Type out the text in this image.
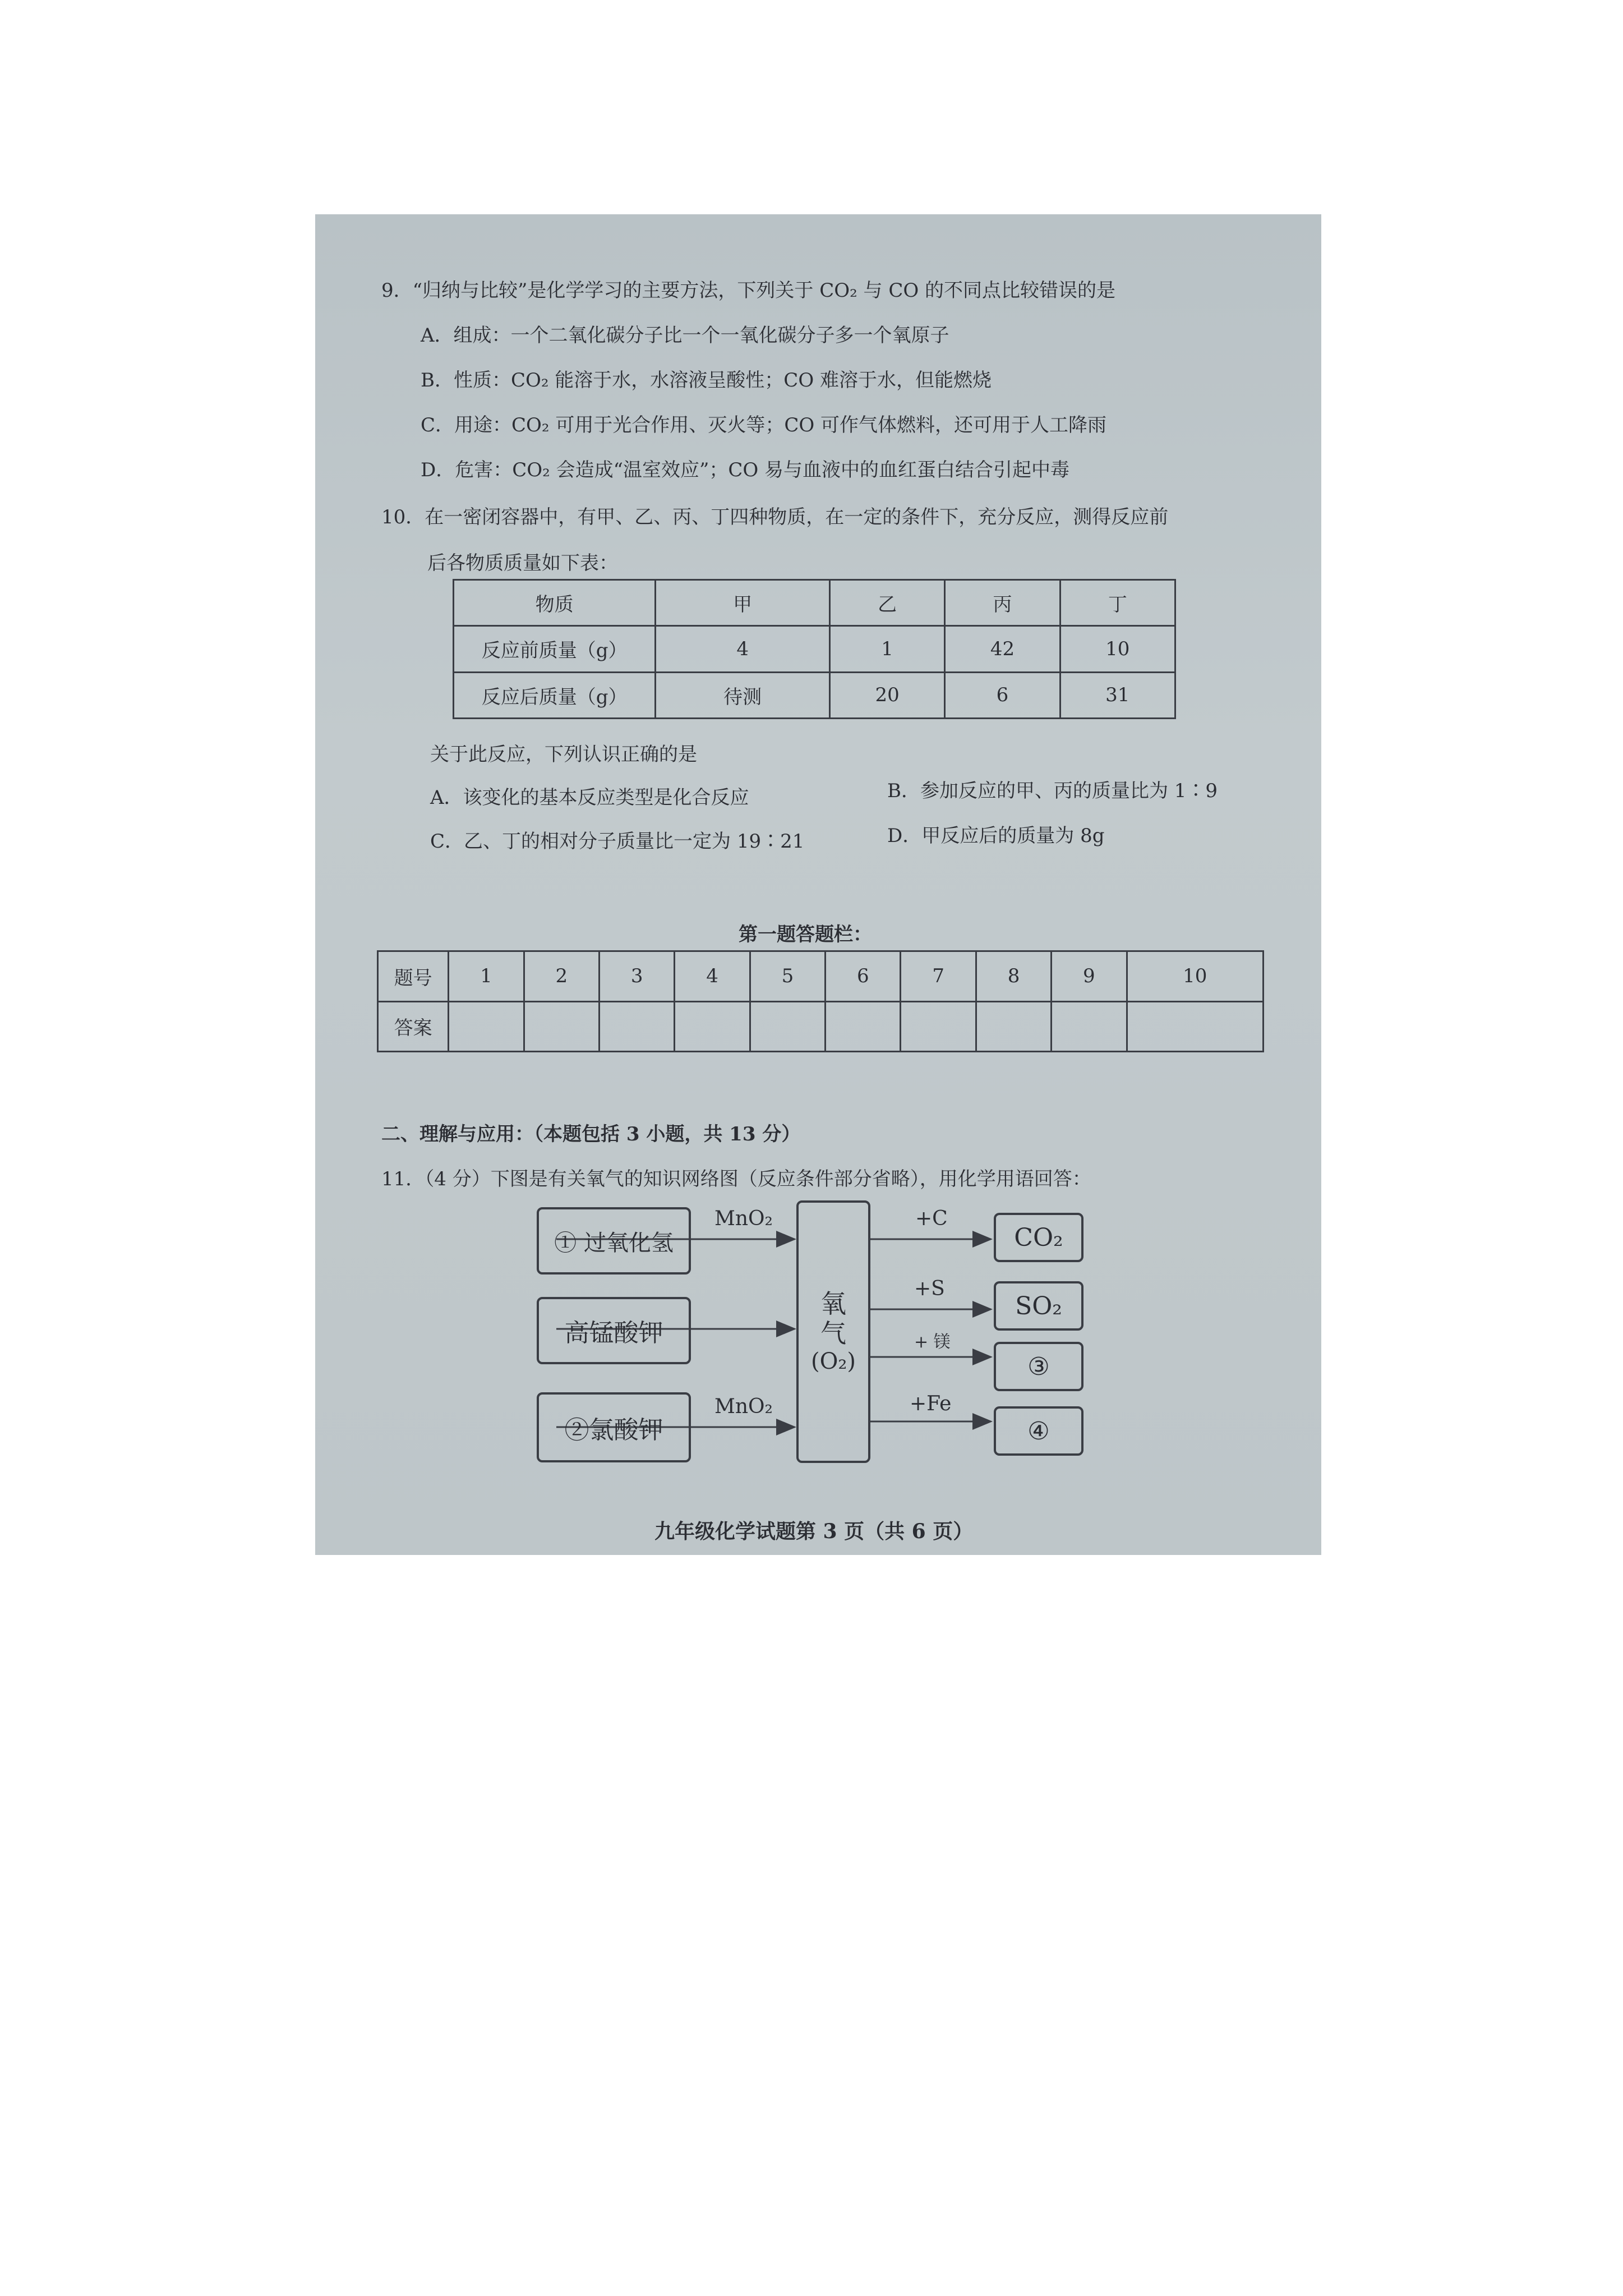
9．“归纳与比较”是化学学习的主要方法，下列关于 CO₂ 与 CO 的不同点比较错误的是
A．组成：一个二氧化碳分子比一个一氧化碳分子多一个氧原子
B．性质：CO₂ 能溶于水，水溶液呈酸性；CO 难溶于水，但能燃烧
C．用途：CO₂ 可用于光合作用、灭火等；CO 可作气体燃料，还可用于人工降雨
D．危害：CO₂ 会造成“温室效应”；CO 易与血液中的血红蛋白结合引起中毒
10．在一密闭容器中，有甲、乙、丙、丁四种物质，在一定的条件下，充分反应，测得反应前
后各物质质量如下表：
物质	甲	乙	丙	丁
反应前质量（g）	4	1	42	10
反应后质量（g）	待测	20	6	31
关于此反应，下列认识正确的是
A．该变化的基本反应类型是化合反应	B．参加反应的甲、丙的质量比为 1∶9
C．乙、丁的相对分子质量比一定为 19∶21	D．甲反应后的质量为 8g
第一题答题栏：
题号	1	2	3	4	5	6	7	8	9	10
答案										
二、理解与应用：（本题包括 3 小题，共 13 分）
11．（4 分）下图是有关氧气的知识网络图（反应条件部分省略），用化学用语回答：
① 过氧化氢
高锰酸钾
②氯酸钾
MnO₂
MnO₂
氧
气
(O₂)
+C
+S
+ 镁
+Fe
CO₂
SO₂
③
④
九年级化学试题第 3 页（共 6 页）
